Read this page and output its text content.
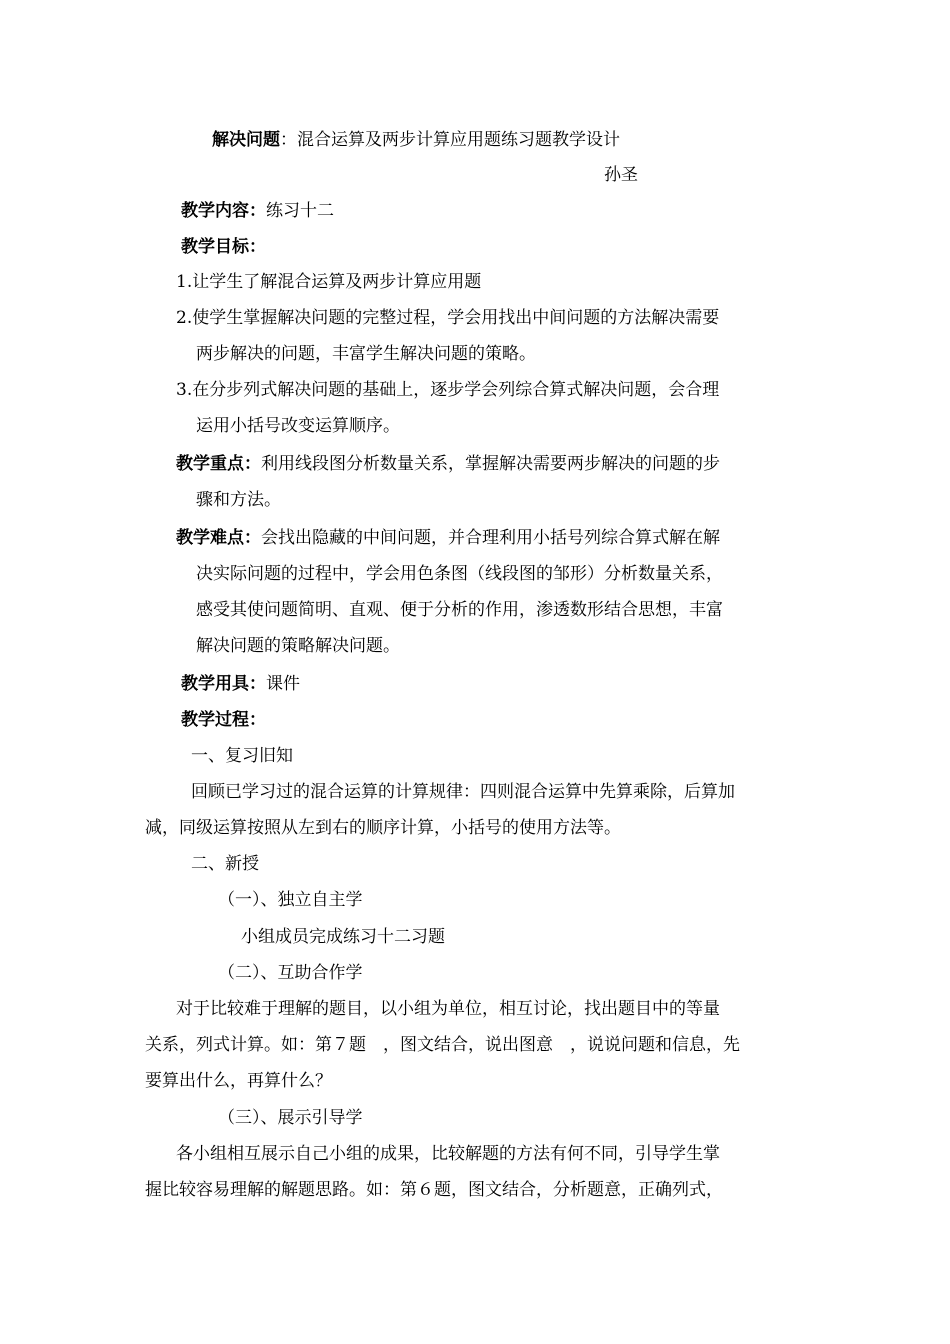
解决问题：混合运算及两步计算应用题练习题教学设计
孙圣
教学内容：练习十二
教学目标：
1.让学生了解混合运算及两步计算应用题
2.使学生掌握解决问题的完整过程，学会用找出中间问题的方法解决需要
两步解决的问题，丰富学生解决问题的策略。
3.在分步列式解决问题的基础上，逐步学会列综合算式解决问题，会合理
运用小括号改变运算顺序。
教学重点：利用线段图分析数量关系，掌握解决需要两步解决的问题的步
骤和方法。
教学难点：会找出隐藏的中间问题，并合理利用小括号列综合算式解在解
决实际问题的过程中，学会用色条图（线段图的邹形）分析数量关系，
感受其使问题简明、直观、便于分析的作用，渗透数形结合思想，丰富
解决问题的策略解决问题。
教学用具：课件
教学过程：
一、复习旧知
回顾已学习过的混合运算的计算规律：四则混合运算中先算乘除，后算加
减，同级运算按照从左到右的顺序计算，小括号的使用方法等。
二、新授
（一）、独立自主学
小组成员完成练习十二习题
（二）、互助合作学
对于比较难于理解的题目，以小组为单位，相互讨论，找出题目中的等量
关系，列式计算。如：第７题　，图文结合，说出图意　，说说问题和信息，先
要算出什么，再算什么？
（三）、展示引导学
各小组相互展示自己小组的成果，比较解题的方法有何不同，引导学生掌
握比较容易理解的解题思路。如：第６题，图文结合，分析题意，正确列式，
